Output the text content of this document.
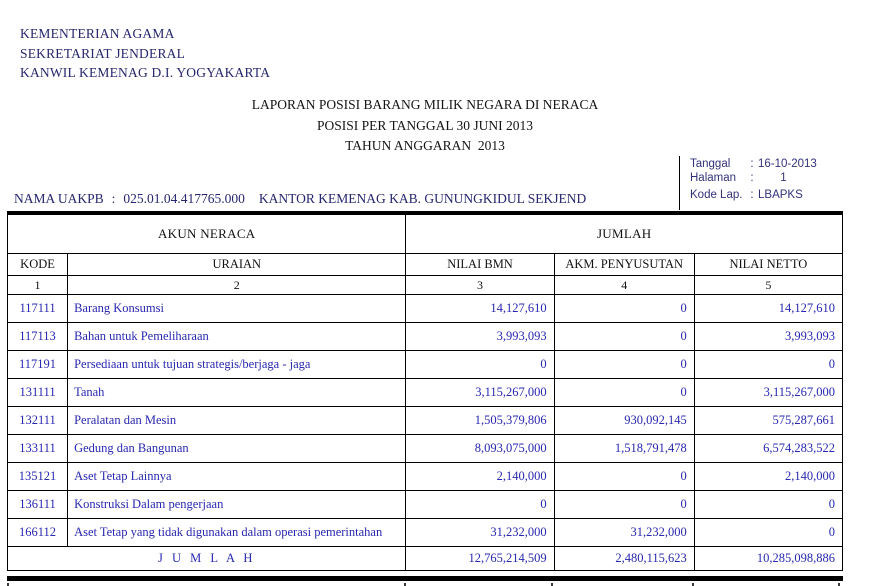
KEMENTERIAN AGAMA
SEKRETARIAT JENDERAL
KANWIL KEMENAG D.I. YOGYAKARTA
LAPORAN POSISI BARANG MILIK NEGARA DI NERACA
POSISI PER TANGGAL 30 JUNI 2013
TAHUN ANGGARAN  2013
Tanggal	: 16-10-2013
Halaman	:	1
Kode Lap. : LBAPKS
NAMA UAKPB : 025.01.04.417765.000 KANTOR KEMENAG KAB. GUNUNGKIDUL SEKJEND
AKUN NERACA		JUMLAH		
KODE	URAIAN	NILAI BMN	AKM. PENYUSUTAN	NILAI NETTO
1	2	3	4	5
117111	Barang Konsumsi	14,127,610	0	14,127,610
117113	Bahan untuk Pemeliharaan	3,993,093	0	3,993,093
117191	Persediaan untuk tujuan strategis/berjaga - jaga	0	0	0
131111	Tanah	3,115,267,000	0	3,115,267,000
132111	Peralatan dan Mesin	1,505,379,806	930,092,145	575,287,661
133111	Gedung dan Bangunan	8,093,075,000	1,518,791,478	6,574,283,522
135121	Aset Tetap Lainnya	2,140,000	0	2,140,000
136111	Konstruksi Dalam pengerjaan	0	0	0
166112	Aset Tetap yang tidak digunakan dalam operasi pemerintahan	31,232,000	31,232,000	0
J U M L A H		12,765,214,509	2,480,115,623	10,285,098,886
